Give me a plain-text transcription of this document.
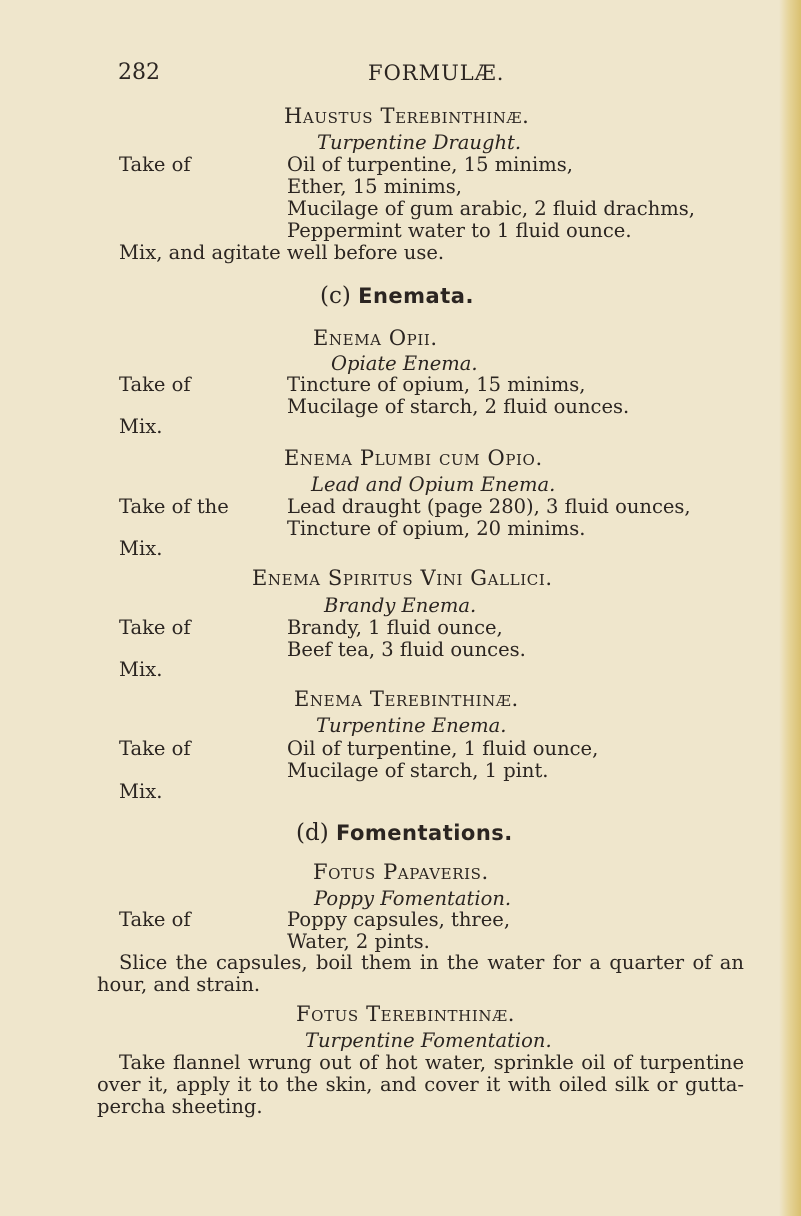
282	FORMULÆ.
Haustus Terebinthinæ.
Turpentine Draught.
Take of	Oil of turpentine, 15 minims,
Ether, 15 minims,
Mucilage of gum arabic, 2 fluid drachms,
Peppermint water to 1 fluid ounce.
Mix, and agitate well before use.
(c) Enemata.
Enema Opii.
Opiate Enema.
Take of	Tincture of opium, 15 minims,
Mucilage of starch, 2 fluid ounces.
Mix.
Enema Plumbi cum Opio.
Lead and Opium Enema.
Take of the	Lead draught (page 280), 3 fluid ounces,
Tincture of opium, 20 minims.
Mix.
Enema Spiritus Vini Gallici.
Brandy Enema.
Take of	Brandy, 1 fluid ounce,
Beef tea, 3 fluid ounces.
Mix.
Enema Terebinthinæ.
Turpentine Enema.
Take of	Oil of turpentine, 1 fluid ounce,
Mucilage of starch, 1 pint.
Mix.
(d) Fomentations.
Fotus Papaveris.
Poppy Fomentation.
Take of	Poppy capsules, three,
Water, 2 pints.
Slice the capsules, boil them in the water for a quarter of an hour, and strain.
Fotus Terebinthinæ.
Turpentine Fomentation.
Take flannel wrung out of hot water, sprinkle oil of turpentine over it, apply it to the skin, and cover it with oiled silk or gutta-percha sheeting.
